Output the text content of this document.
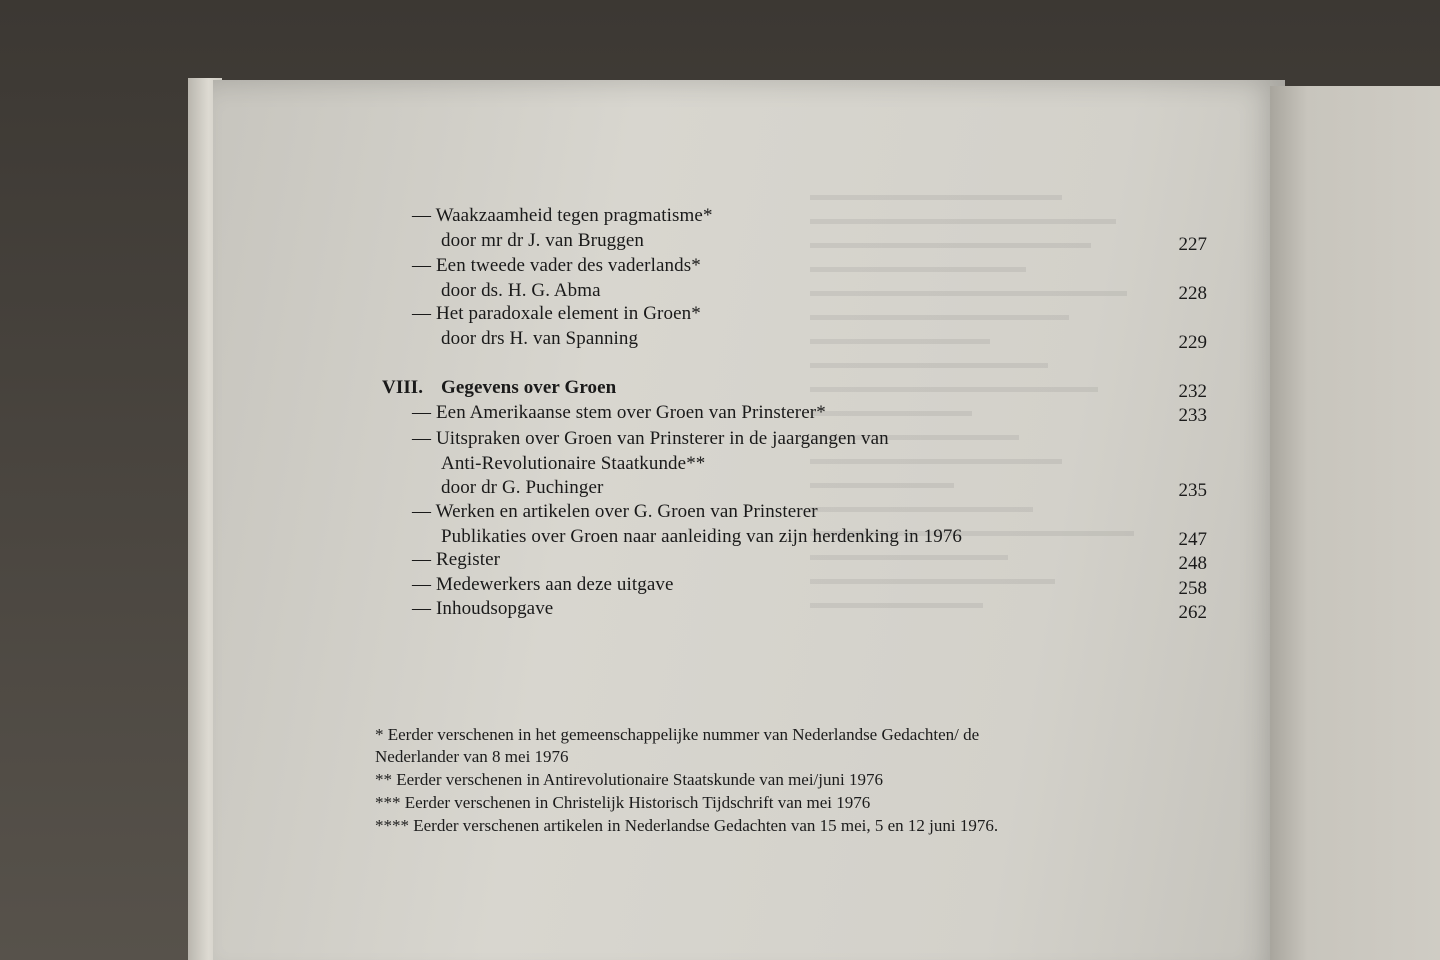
— Waakzaamheid tegen pragmatisme*
door mr dr J. van Bruggen	227
— Een tweede vader des vaderlands*
door ds. H. G. Abma	228
— Het paradoxale element in Groen*
door drs H. van Spanning	229
VIII. Gegevens over Groen	232
— Een Amerikaanse stem over Groen van Prinsterer*	233
— Uitspraken over Groen van Prinsterer in de jaargangen van
Anti-Revolutionaire Staatkunde**
door dr G. Puchinger	235
— Werken en artikelen over G. Groen van Prinsterer
Publikaties over Groen naar aanleiding van zijn herdenking in 1976	247
— Register	248
— Medewerkers aan deze uitgave	258
— Inhoudsopgave	262
* Eerder verschenen in het gemeenschappelijke nummer van Nederlandse Gedachten/ de
Nederlander van 8 mei 1976
** Eerder verschenen in Antirevolutionaire Staatskunde van mei/juni 1976
*** Eerder verschenen in Christelijk Historisch Tijdschrift van mei 1976
**** Eerder verschenen artikelen in Nederlandse Gedachten van 15 mei, 5 en 12 juni 1976.
